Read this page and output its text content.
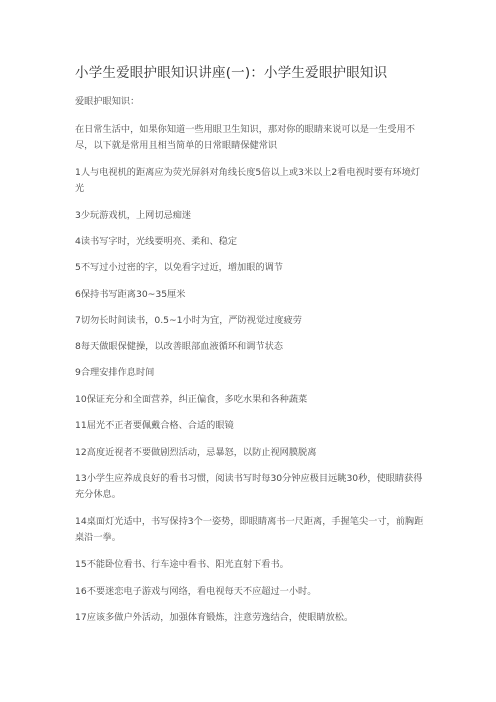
小学生爱眼护眼知识讲座(一)：小学生爱眼护眼知识

爱眼护眼知识：

在日常生活中，如果你知道一些用眼卫生知识，那对你的眼睛来说可以是一生受用不尽，以下就是常用且相当简单的日常眼睛保健常识

1人与电视机的距离应为荧光屏斜对角线长度5倍以上或3米以上2看电视时要有环境灯光

3少玩游戏机，上网切忌痴迷

4读书写字时，光线要明亮、柔和、稳定

5不写过小过密的字，以免看字过近，增加眼的调节

6保持书写距离30~35厘米

7切勿长时间读书，0.5~1小时为宜，严防视觉过度疲劳

8每天做眼保健操，以改善眼部血液循环和调节状态

9合理安排作息时间

10保证充分和全面营养，纠正偏食，多吃水果和各种蔬菜

11屈光不正者要佩戴合格、合适的眼镜

12高度近视者不要做剧烈活动，忌暴怒，以防止视网膜脱离

13小学生应养成良好的看书习惯，阅读书写时每30分钟应极目远眺30秒，使眼睛获得充分休息。

14桌面灯光适中，书写保持3个一姿势，即眼睛离书一尺距离，手握笔尖一寸，前胸距桌沿一拳。

15不能卧位看书、行车途中看书、阳光直射下看书。

16不要迷恋电子游戏与网络，看电视每天不应超过一小时。

17应该多做户外活动，加强体育锻炼，注意劳逸结合，使眼睛放松。
